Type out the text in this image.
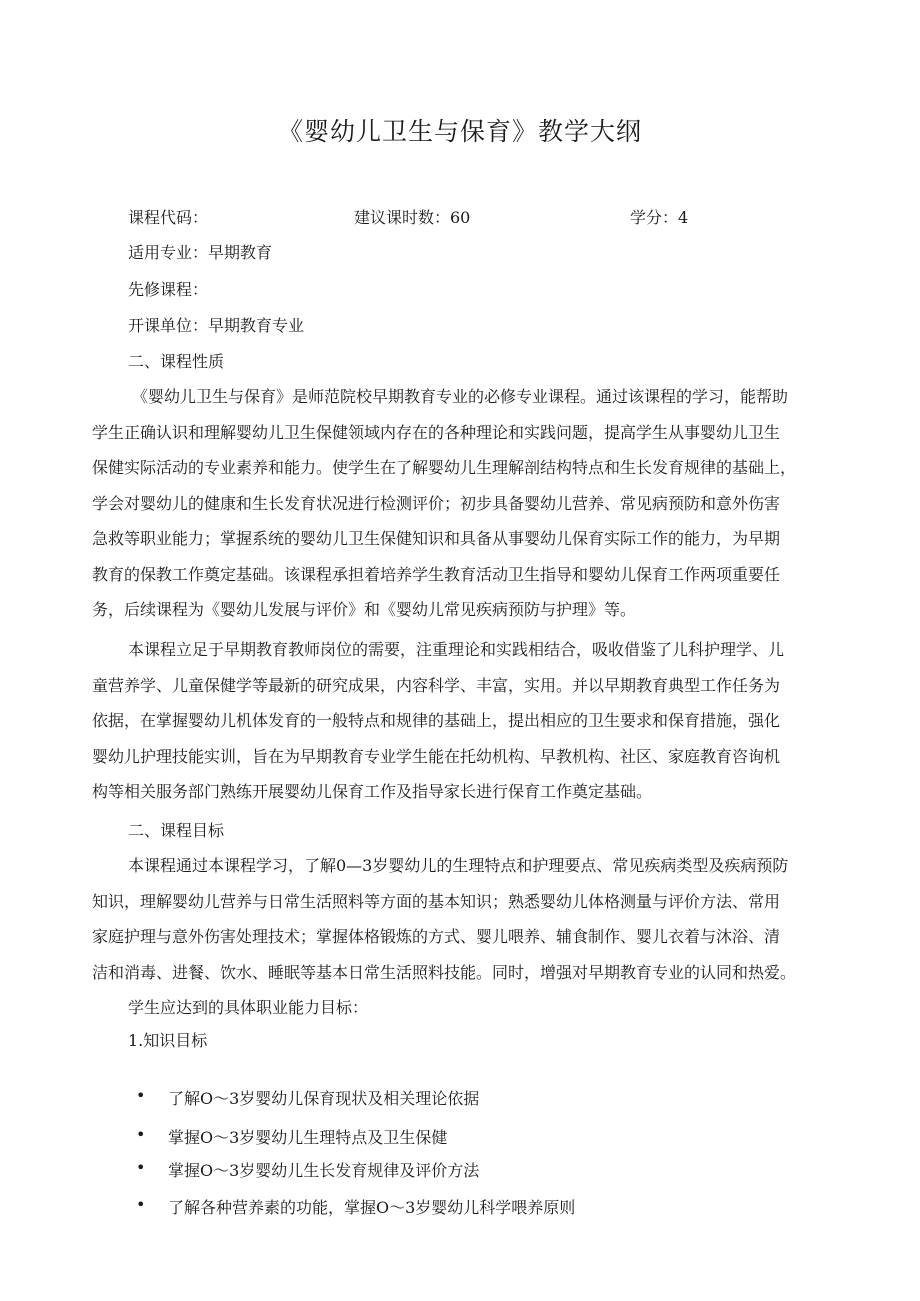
《婴幼儿卫生与保育》教学大纲
课程代码：	建议课时数：60	学分：4
适用专业：早期教育
先修课程：
开课单位：早期教育专业
二、课程性质
《婴幼儿卫生与保育》是师范院校早期教育专业的必修专业课程。通过该课程的学习，能帮助
学生正确认识和理解婴幼儿卫生保健领域内存在的各种理论和实践问题，提高学生从事婴幼儿卫生
保健实际活动的专业素养和能力。使学生在了解婴幼儿生理解剖结构特点和生长发育规律的基础上，
学会对婴幼儿的健康和生长发育状况进行检测评价；初步具备婴幼儿营养、常见病预防和意外伤害
急救等职业能力；掌握系统的婴幼儿卫生保健知识和具备从事婴幼儿保育实际工作的能力，为早期
教育的保教工作奠定基础。该课程承担着培养学生教育活动卫生指导和婴幼儿保育工作两项重要任
务，后续课程为《婴幼儿发展与评价》和《婴幼儿常见疾病预防与护理》等。
本课程立足于早期教育教师岗位的需要，注重理论和实践相结合，吸收借鉴了儿科护理学、儿
童营养学、儿童保健学等最新的研究成果，内容科学、丰富，实用。并以早期教育典型工作任务为
依据，在掌握婴幼儿机体发育的一般特点和规律的基础上，提出相应的卫生要求和保育措施，强化
婴幼儿护理技能实训，旨在为早期教育专业学生能在托幼机构、早教机构、社区、家庭教育咨询机
构等相关服务部门熟练开展婴幼儿保育工作及指导家长进行保育工作奠定基础。
二、课程目标
本课程通过本课程学习，了解0—3岁婴幼儿的生理特点和护理要点、常见疾病类型及疾病预防
知识，理解婴幼儿营养与日常生活照料等方面的基本知识；熟悉婴幼儿体格测量与评价方法、常用
家庭护理与意外伤害处理技术；掌握体格锻炼的方式、婴儿喂养、辅食制作、婴儿衣着与沐浴、清
洁和消毒、进餐、饮水、睡眠等基本日常生活照料技能。同时，增强对早期教育专业的认同和热爱。
学生应达到的具体职业能力目标：
1.知识目标
•	了解O～3岁婴幼儿保育现状及相关理论依据
•	掌握O～3岁婴幼儿生理特点及卫生保健
•	掌握O～3岁婴幼儿生长发育规律及评价方法
•	了解各种营养素的功能，掌握O～3岁婴幼儿科学喂养原则
